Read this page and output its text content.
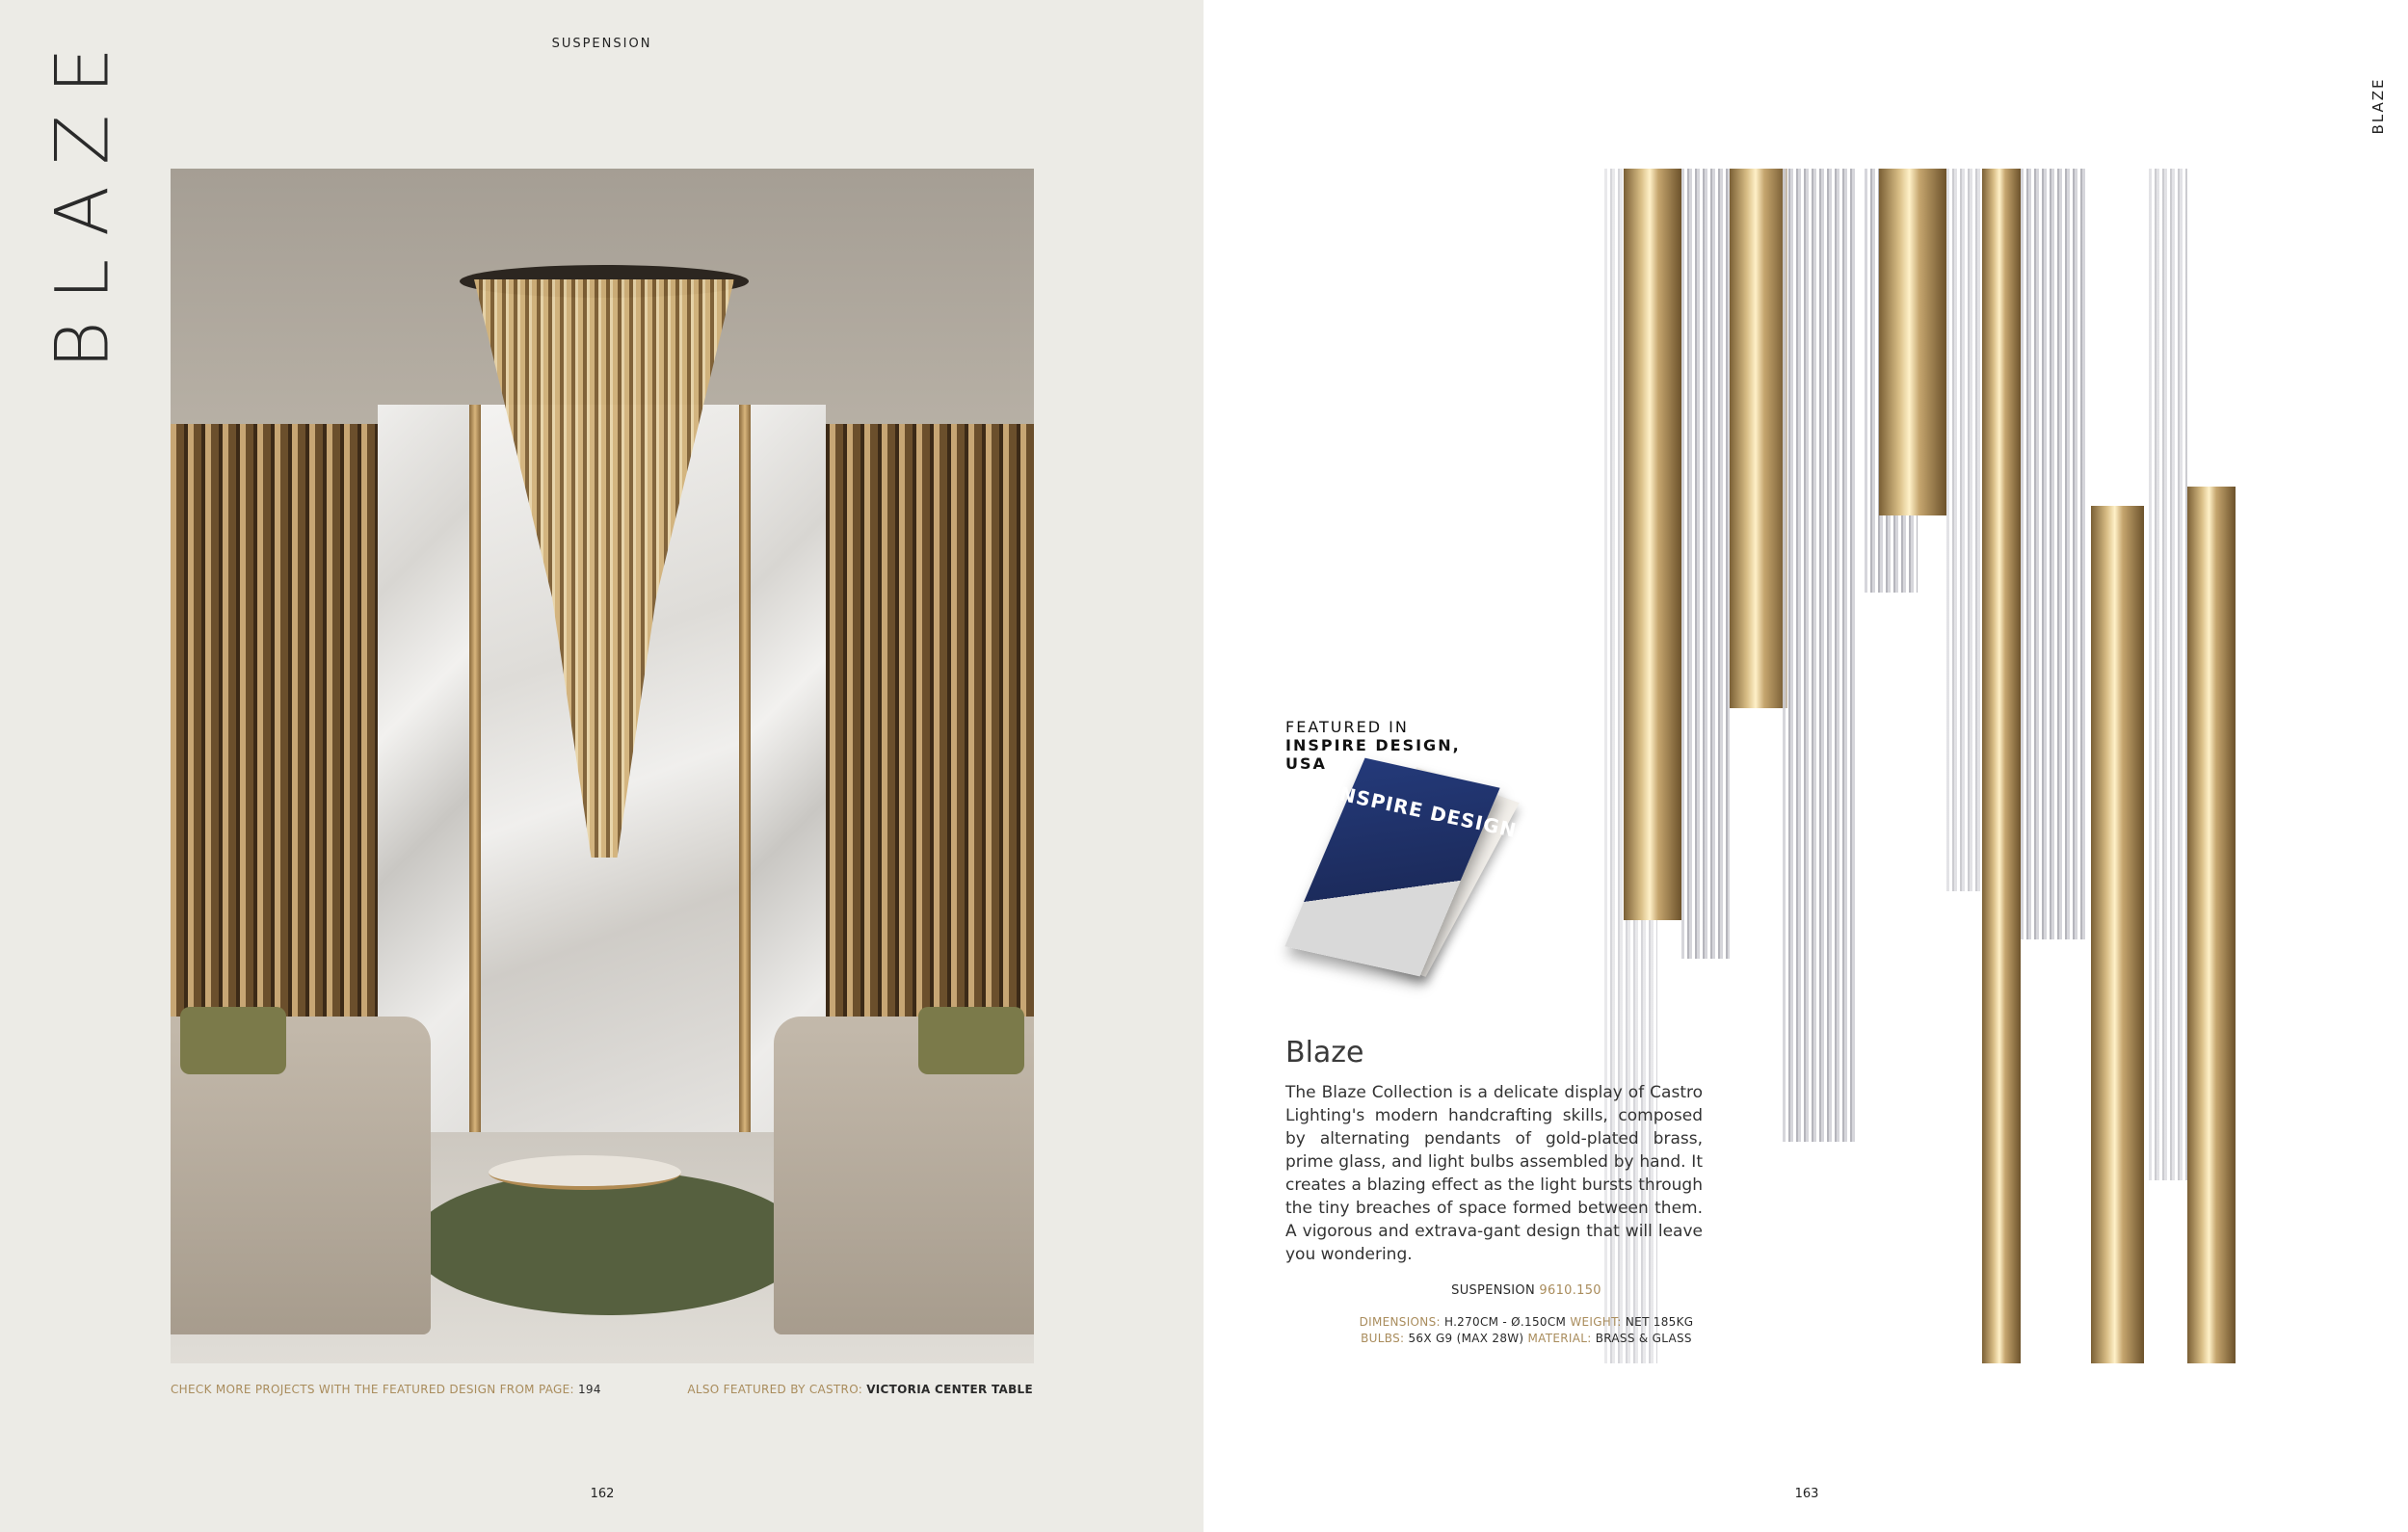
SUSPENSION
BLAZE
CHECK MORE PROJECTS WITH THE FEATURED DESIGN FROM PAGE: 194	ALSO FEATURED BY CASTRO: VICTORIA CENTER TABLE
162
BLAZE
FEATURED IN
INSPIRE DESIGN,
USA
INSPIRE DESIGN
Blaze
The Blaze Collection is a delicate display of Castro Lighting's modern handcrafting skills, composed by alternating pendants of gold-plated brass, prime glass, and light bulbs assembled by hand. It creates a blazing effect as the light bursts through the tiny breaches of space formed between them. A vigorous and extrava-gant design that will leave you wondering.
SUSPENSION 9610.150
DIMENSIONS: H.270CM - Ø.150CM WEIGHT: NET 185KG
BULBS: 56X G9 (MAX 28W) MATERIAL: BRASS & GLASS
163
